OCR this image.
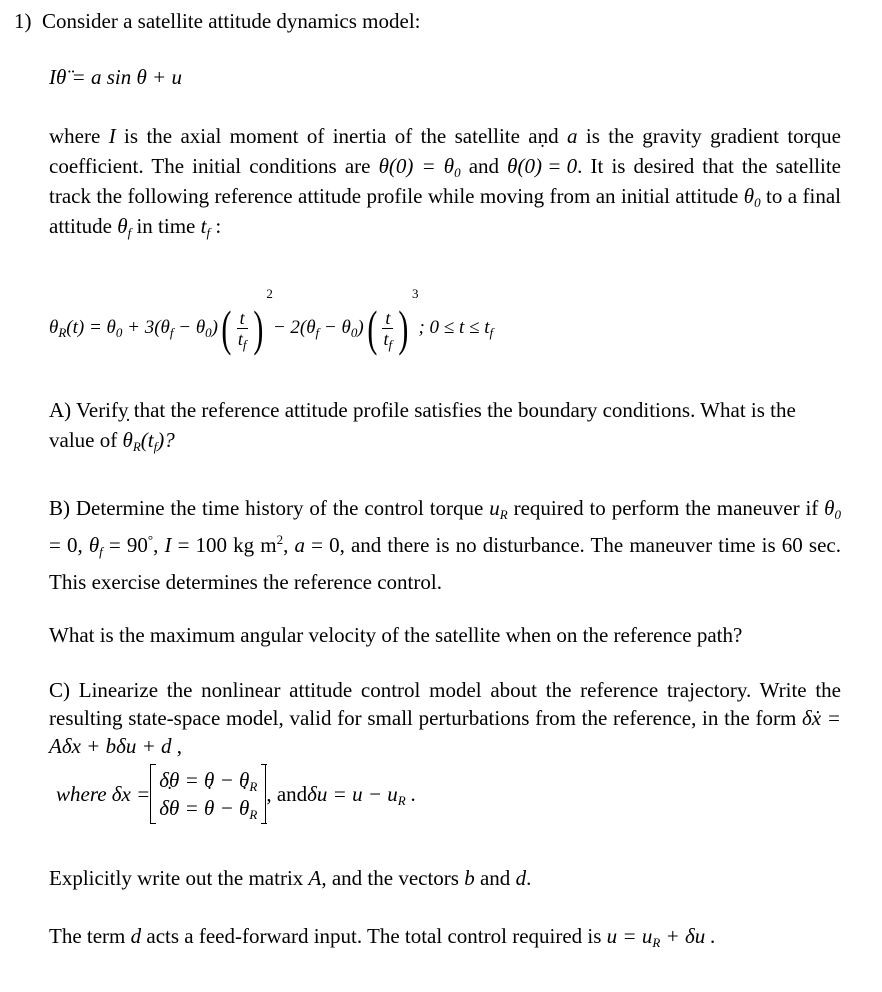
1) Consider a satellite attitude dynamics model:
Iθ̈ = a sin θ + u
where I is the axial moment of inertia of the satellite and a is the gravity gradient torque coefficient. The initial conditions are $\theta(0) = \theta_0$ and θ(0) = 0 ˙. It is desired that the satellite track the following reference attitude profile while moving from an initial attitude $\theta_0$ to a final attitude $\theta_f$ in time $t_f$ :
$\theta_R(t) = \theta_0 + 3(\theta_f - \theta_0)$ ( $\frac{t}{t_f}$ )
2
− $2(\theta_f - \theta_0)$ ( $\frac{t}{t_f}$ )
3
; $0 \le t \le t_f$
A) Verify that the reference attitude profile satisfies the boundary conditions. What is the value of θ $˙_R(t_f)$?
B) Determine the time history of the control torque $u_R$ required to perform the maneuver if $\theta_0 = 0$, $\theta_f = 90^\circ$, I = 100 kg $m^2$, a = 0, and there is no disturbance. The maneuver time is 60 sec. This exercise determines the reference control.
What is the maximum angular velocity of the satellite when on the reference path?
C) Linearize the nonlinear attitude control model about the reference trajectory. Write the resulting state-space model, valid for small perturbations from the reference, in the form δẋ = Aδx + bδu + d ,
where δx =
$\delta\theta = \theta - \theta_R$
δθ ˙ = θ ˙ − θ $˙_R$
, and $\delta u = u - u_R$ .
Explicitly write out the matrix A, and the vectors b and d.
The term d acts a feed-forward input. The total control required is $u = u_R + \delta u$ .
